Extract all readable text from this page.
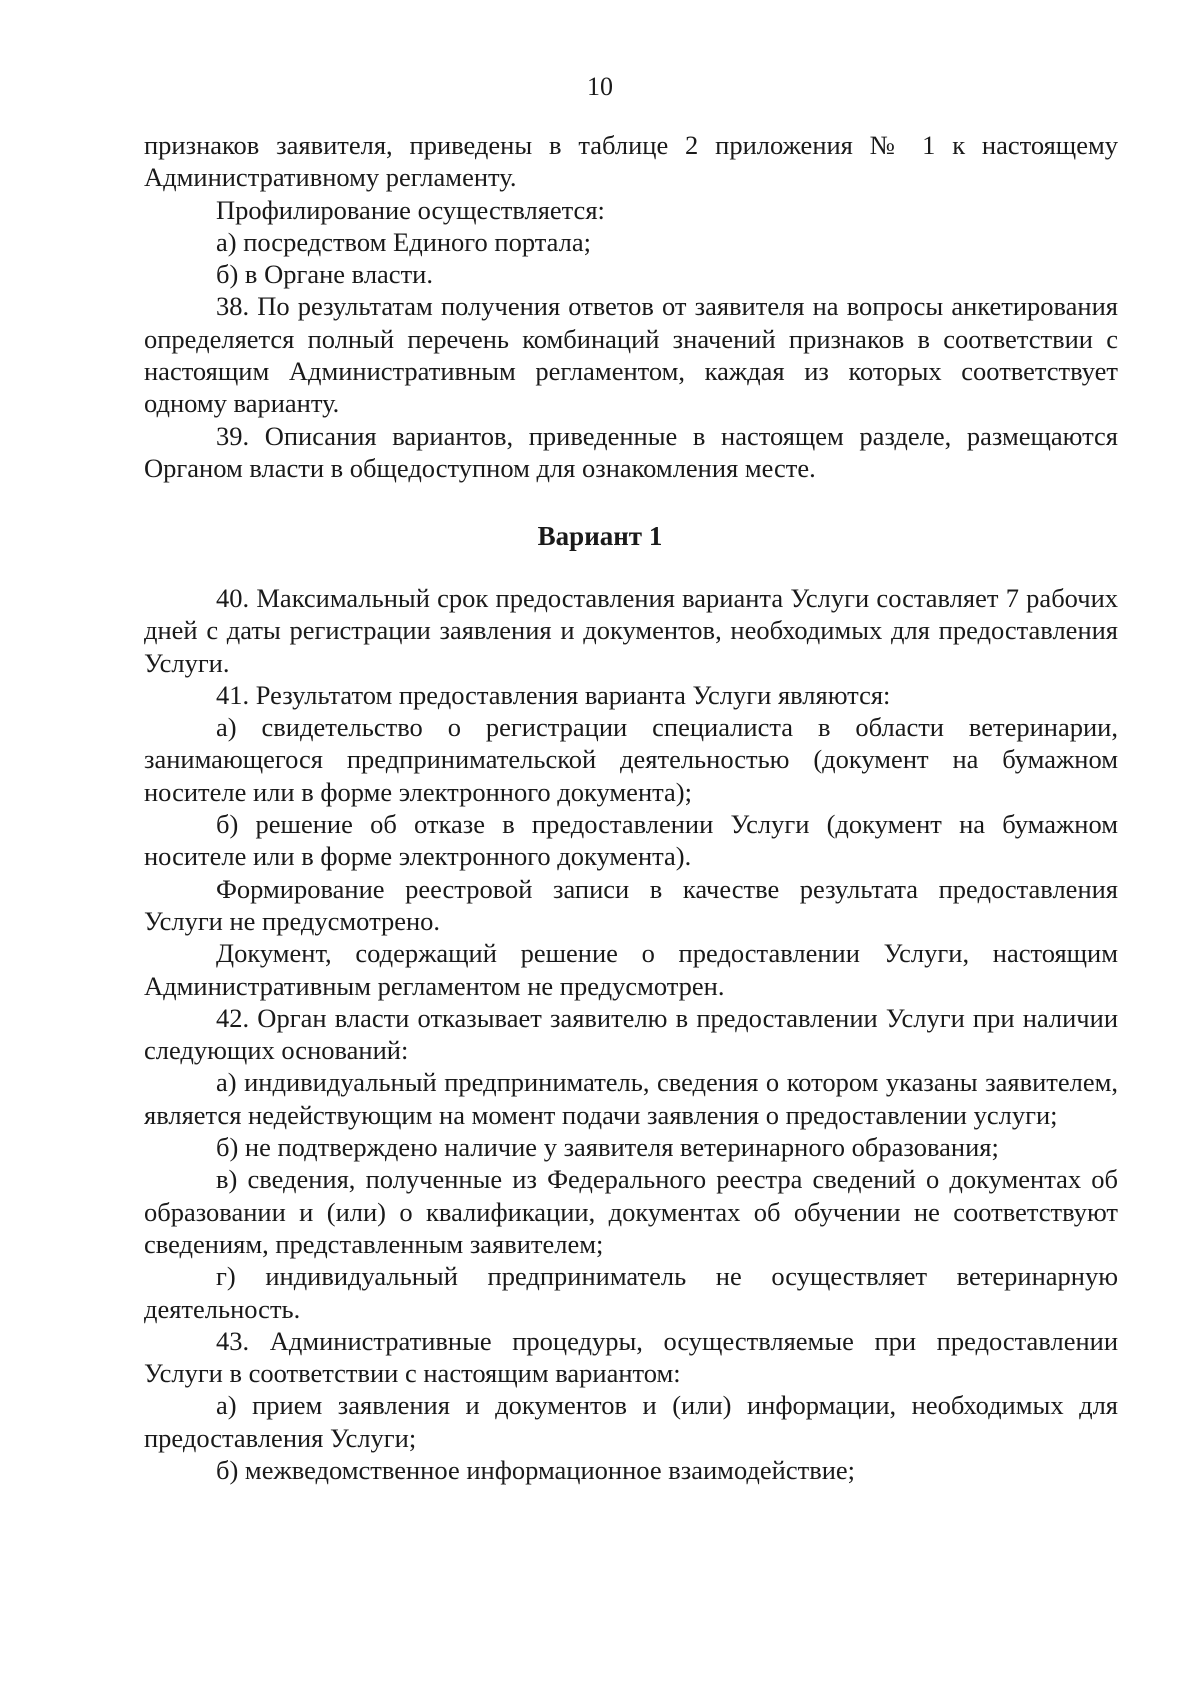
10

признаков заявителя, приведены в таблице 2 приложения № 1 к настоящему Административному регламенту.

Профилирование осуществляется:

а) посредством Единого портала;

б) в Органе власти.

38. По результатам получения ответов от заявителя на вопросы анкетирования определяется полный перечень комбинаций значений признаков в соответствии с настоящим Административным регламентом, каждая из которых соответствует одному варианту.

39. Описания вариантов, приведенные в настоящем разделе, размещаются Органом власти в общедоступном для ознакомления месте.

Вариант 1

40. Максимальный срок предоставления варианта Услуги составляет 7 рабочих дней с даты регистрации заявления и документов, необходимых для предоставления Услуги.

41. Результатом предоставления варианта Услуги являются:

а) свидетельство о регистрации специалиста в области ветеринарии, занимающегося предпринимательской деятельностью (документ на бумажном носителе или в форме электронного документа);

б) решение об отказе в предоставлении Услуги (документ на бумажном носителе или в форме электронного документа).

Формирование реестровой записи в качестве результата предоставления Услуги не предусмотрено.

Документ, содержащий решение о предоставлении Услуги, настоящим Административным регламентом не предусмотрен.

42. Орган власти отказывает заявителю в предоставлении Услуги при наличии следующих оснований:

а) индивидуальный предприниматель, сведения о котором указаны заявителем, является недействующим на момент подачи заявления о предоставлении услуги;

б) не подтверждено наличие у заявителя ветеринарного образования;

в) сведения, полученные из Федерального реестра сведений о документах об образовании и (или) о квалификации, документах об обучении не соответствуют сведениям, представленным заявителем;

г) индивидуальный предприниматель не осуществляет ветеринарную деятельность.

43. Административные процедуры, осуществляемые при предоставлении Услуги в соответствии с настоящим вариантом:

а) прием заявления и документов и (или) информации, необходимых для предоставления Услуги;

б) межведомственное информационное взаимодействие;
